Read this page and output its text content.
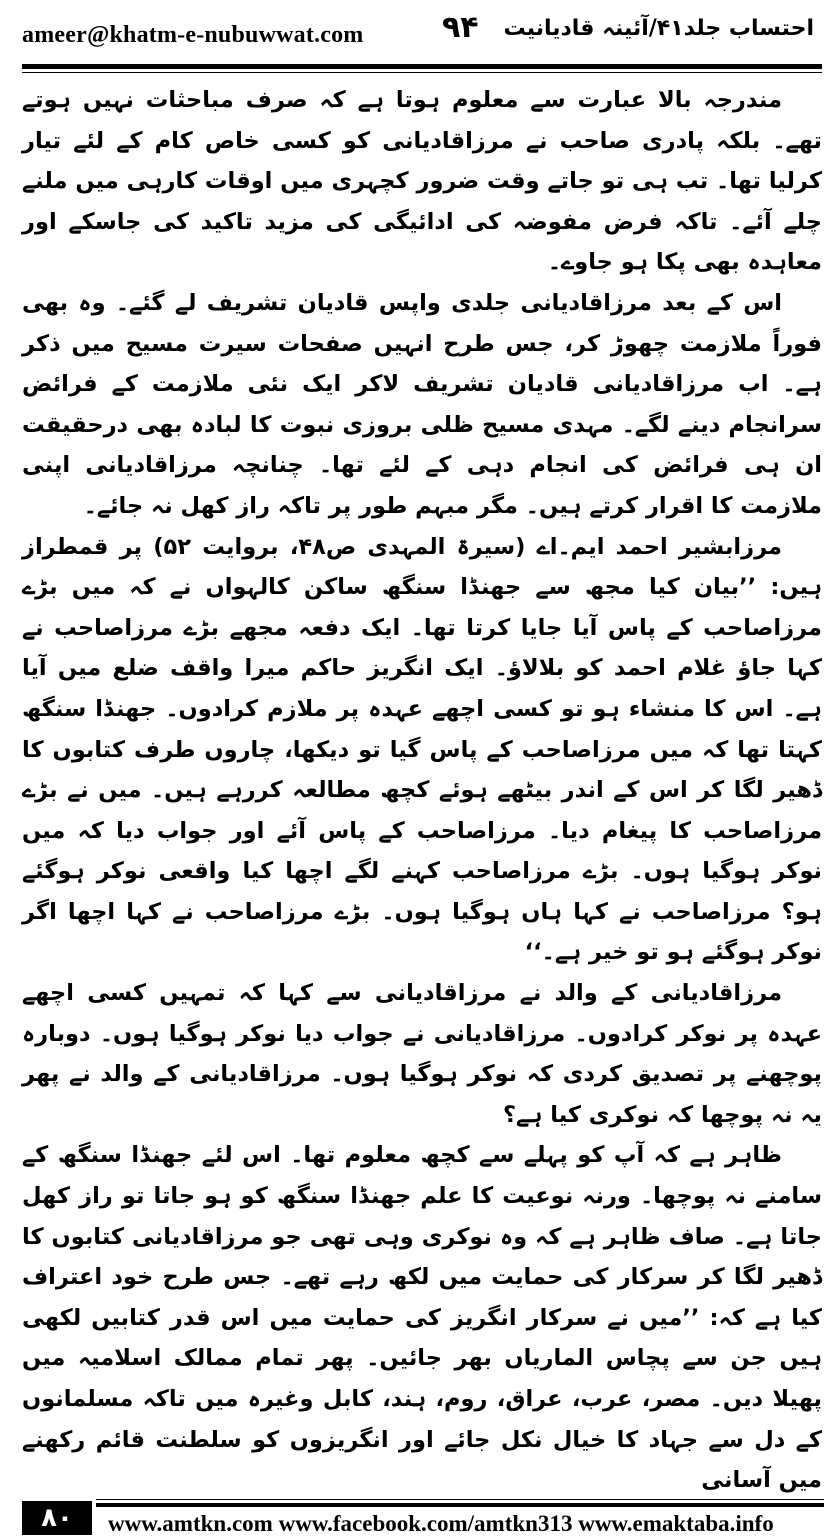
ameer@khatm-e-nubuwwat.com	۹۴ احتساب جلد۴۱/آئینہ قادیانیت

مندرجہ بالا عبارت سے معلوم ہوتا ہے کہ صرف مباحثات نہیں ہوتے تھے۔ بلکہ پادری صاحب نے مرزاقادیانی کو کسی خاص کام کے لئے تیار کرلیا تھا۔ تب ہی تو جاتے وقت ضرور کچہری میں اوقات کارہی میں ملنے چلے آئے۔ تاکہ فرض مفوضہ کی ادائیگی کی مزید تاکید کی جاسکے اور معاہدہ بھی پکا ہو جاوے۔

اس کے بعد مرزاقادیانی جلدی واپس قادیان تشریف لے گئے۔ وہ بھی فوراً ملازمت چھوڑ کر، جس طرح انہیں صفحات سیرت مسیح میں ذکر ہے۔ اب مرزاقادیانی قادیان تشریف لاکر ایک نئی ملازمت کے فرائض سرانجام دینے لگے۔ مہدی مسیح ظلی بروزی نبوت کا لبادہ بھی درحقیقت ان ہی فرائض کی انجام دہی کے لئے تھا۔ چنانچہ مرزاقادیانی اپنی ملازمت کا اقرار کرتے ہیں۔ مگر مبہم طور پر تاکہ راز کھل نہ جائے۔

مرزابشیر احمد ایم۔اے (سیرۃ المہدی ص۴۸، بروایت ۵۲) پر قمطراز ہیں: ’’بیان کیا مجھ سے جھنڈا سنگھ ساکن کالہواں نے کہ میں بڑے مرزاصاحب کے پاس آیا جایا کرتا تھا۔ ایک دفعہ مجھے بڑے مرزاصاحب نے کہا جاؤ غلام احمد کو بلالاؤ۔ ایک انگریز حاکم میرا واقف ضلع میں آیا ہے۔ اس کا منشاء ہو تو کسی اچھے عہدہ پر ملازم کرادوں۔ جھنڈا سنگھ کہتا تھا کہ میں مرزاصاحب کے پاس گیا تو دیکھا، چاروں طرف کتابوں کا ڈھیر لگا کر اس کے اندر بیٹھے ہوئے کچھ مطالعہ کررہے ہیں۔ میں نے بڑے مرزاصاحب کا پیغام دیا۔ مرزاصاحب کے پاس آئے اور جواب دیا کہ میں نوکر ہوگیا ہوں۔ بڑے مرزاصاحب کہنے لگے اچھا کیا واقعی نوکر ہوگئے ہو؟ مرزاصاحب نے کہا ہاں ہوگیا ہوں۔ بڑے مرزاصاحب نے کہا اچھا اگر نوکر ہوگئے ہو تو خیر ہے۔‘‘

مرزاقادیانی کے والد نے مرزاقادیانی سے کہا کہ تمہیں کسی اچھے عہدہ پر نوکر کرادوں۔ مرزاقادیانی نے جواب دیا نوکر ہوگیا ہوں۔ دوبارہ پوچھنے پر تصدیق کردی کہ نوکر ہوگیا ہوں۔ مرزاقادیانی کے والد نے پھر یہ نہ پوچھا کہ نوکری کیا ہے؟

ظاہر ہے کہ آپ کو پہلے سے کچھ معلوم تھا۔ اس لئے جھنڈا سنگھ کے سامنے نہ پوچھا۔ ورنہ نوعیت کا علم جھنڈا سنگھ کو ہو جاتا تو راز کھل جاتا ہے۔ صاف ظاہر ہے کہ وہ نوکری وہی تھی جو مرزاقادیانی کتابوں کا ڈھیر لگا کر سرکار کی حمایت میں لکھ رہے تھے۔ جس طرح خود اعتراف کیا ہے کہ: ’’میں نے سرکار انگریز کی حمایت میں اس قدر کتابیں لکھی ہیں جن سے پچاس الماریاں بھر جائیں۔ پھر تمام ممالک اسلامیہ میں پھیلا دیں۔ مصر، عرب، عراق، روم، ہند، کابل وغیرہ میں تاکہ مسلمانوں کے دل سے جہاد کا خیال نکل جائے اور انگریزوں کو سلطنت قائم رکھنے میں آسانی

۸۰	www.amtkn.com www.facebook.com/amtkn313 www.emaktaba.info
